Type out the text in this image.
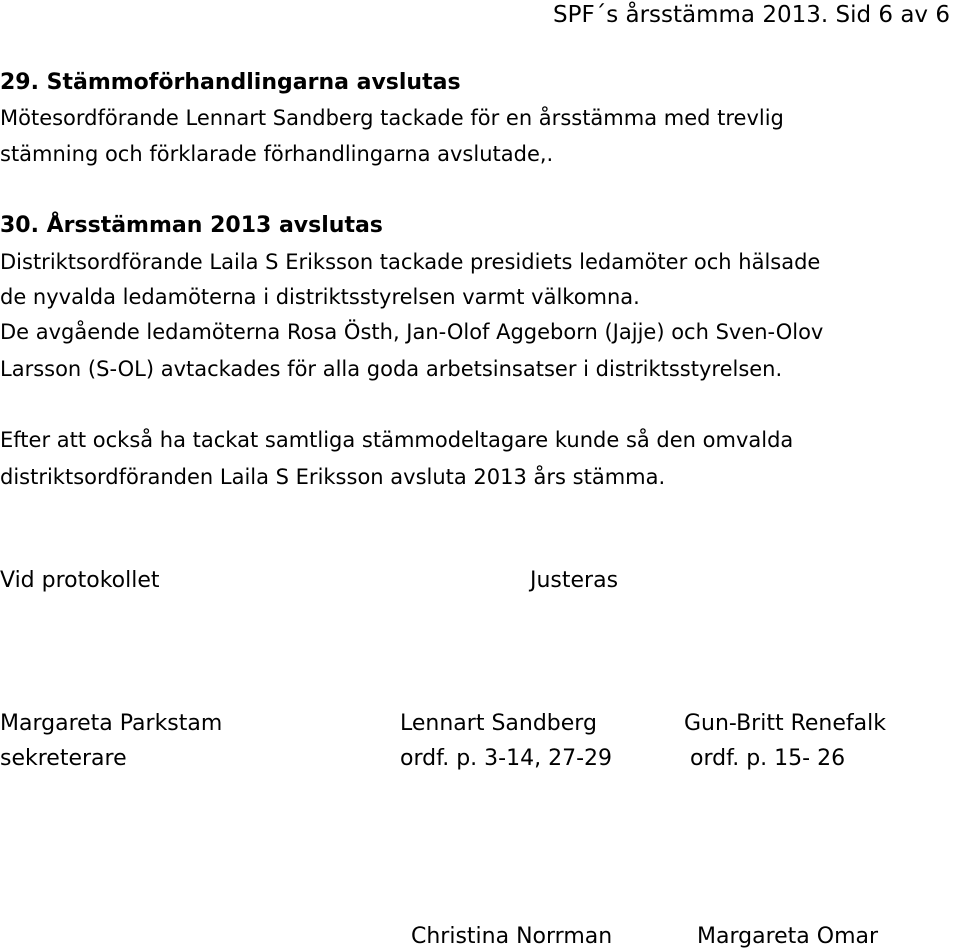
SPF´s årsstämma 2013. Sid 6 av 6
29. Stämmoförhandlingarna avslutas
Mötesordförande Lennart Sandberg tackade för en årsstämma med trevlig
stämning och förklarade förhandlingarna avslutade,.
30. Årsstämman 2013 avslutas
Distriktsordförande Laila S Eriksson tackade presidiets ledamöter och hälsade
de nyvalda ledamöterna i distriktsstyrelsen varmt välkomna.
De avgående ledamöterna Rosa Östh, Jan-Olof Aggeborn (Jajje) och Sven-Olov
Larsson (S-OL) avtackades för alla goda arbetsinsatser i distriktsstyrelsen.
Efter att också ha tackat samtliga stämmodeltagare kunde så den omvalda
distriktsordföranden Laila S Eriksson avsluta 2013 års stämma.
Vid protokollet	Justeras
Margareta Parkstam
sekreterare
Lennart Sandberg
ordf. p. 3-14, 27-29
Gun-Britt Renefalk
ordf. p. 15- 26
Christina Norrman	Margareta Omar
